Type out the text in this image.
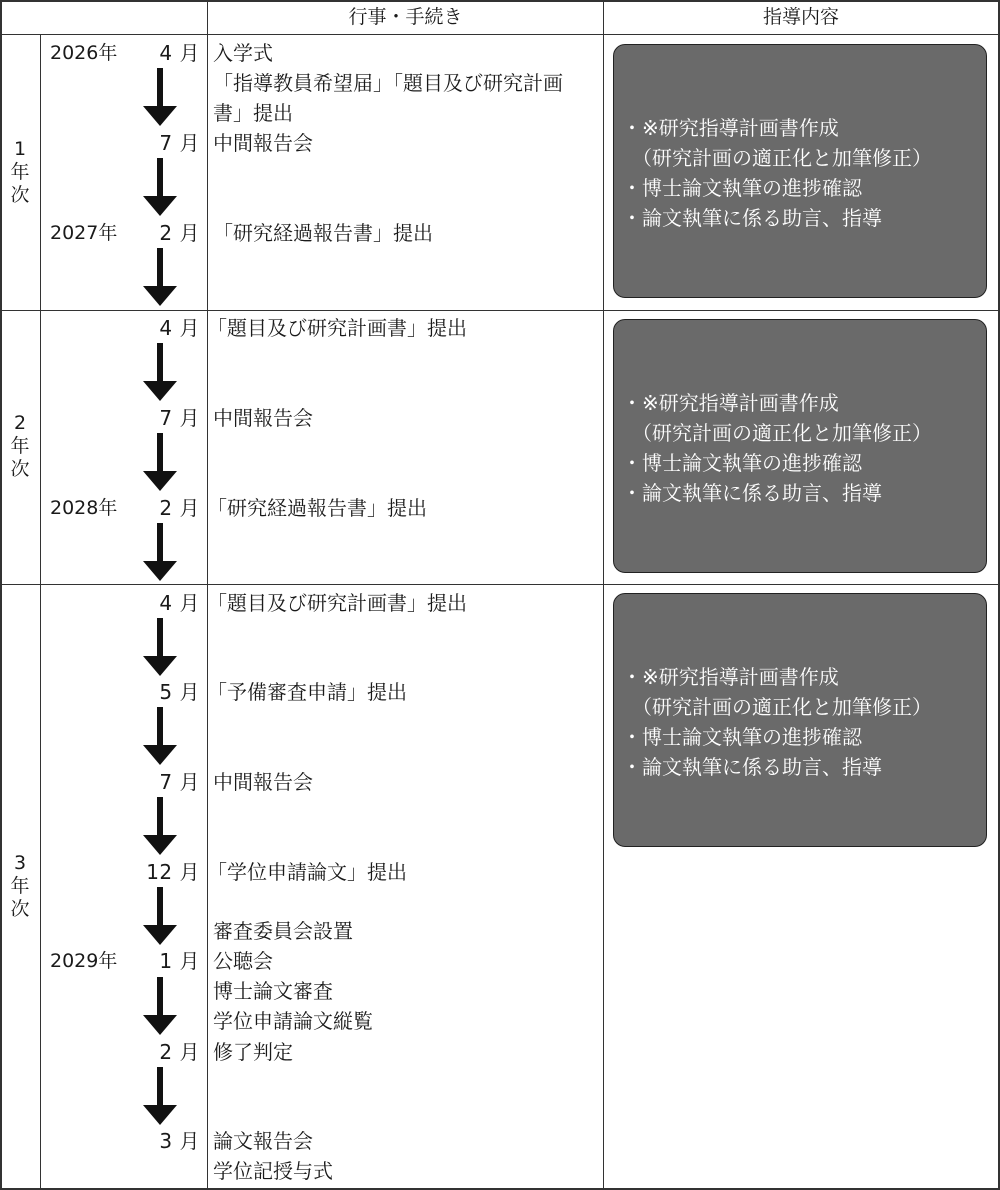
行事・手続き	指導内容
1
年
次
2026年
2027年
4 月
7 月
2 月
入学式
「指導教員希望届」「題目及び研究計画
書」提出
中間報告会
「研究経過報告書」提出
・※研究指導計画書作成
　（研究計画の適正化と加筆修正）
・博士論文執筆の進捗確認
・論文執筆に係る助言、指導
2
年
次
2028年
4 月
7 月
2 月
「題目及び研究計画書」提出
中間報告会
「研究経過報告書」提出
・※研究指導計画書作成
　（研究計画の適正化と加筆修正）
・博士論文執筆の進捗確認
・論文執筆に係る助言、指導
3
年
次
2029年
4 月
5 月
7 月
12 月
1 月
2 月
3 月
「題目及び研究計画書」提出
「予備審査申請」提出
中間報告会
「学位申請論文」提出
審査委員会設置
公聴会
博士論文審査
学位申請論文縦覧
修了判定
論文報告会
学位記授与式
・※研究指導計画書作成
　（研究計画の適正化と加筆修正）
・博士論文執筆の進捗確認
・論文執筆に係る助言、指導
